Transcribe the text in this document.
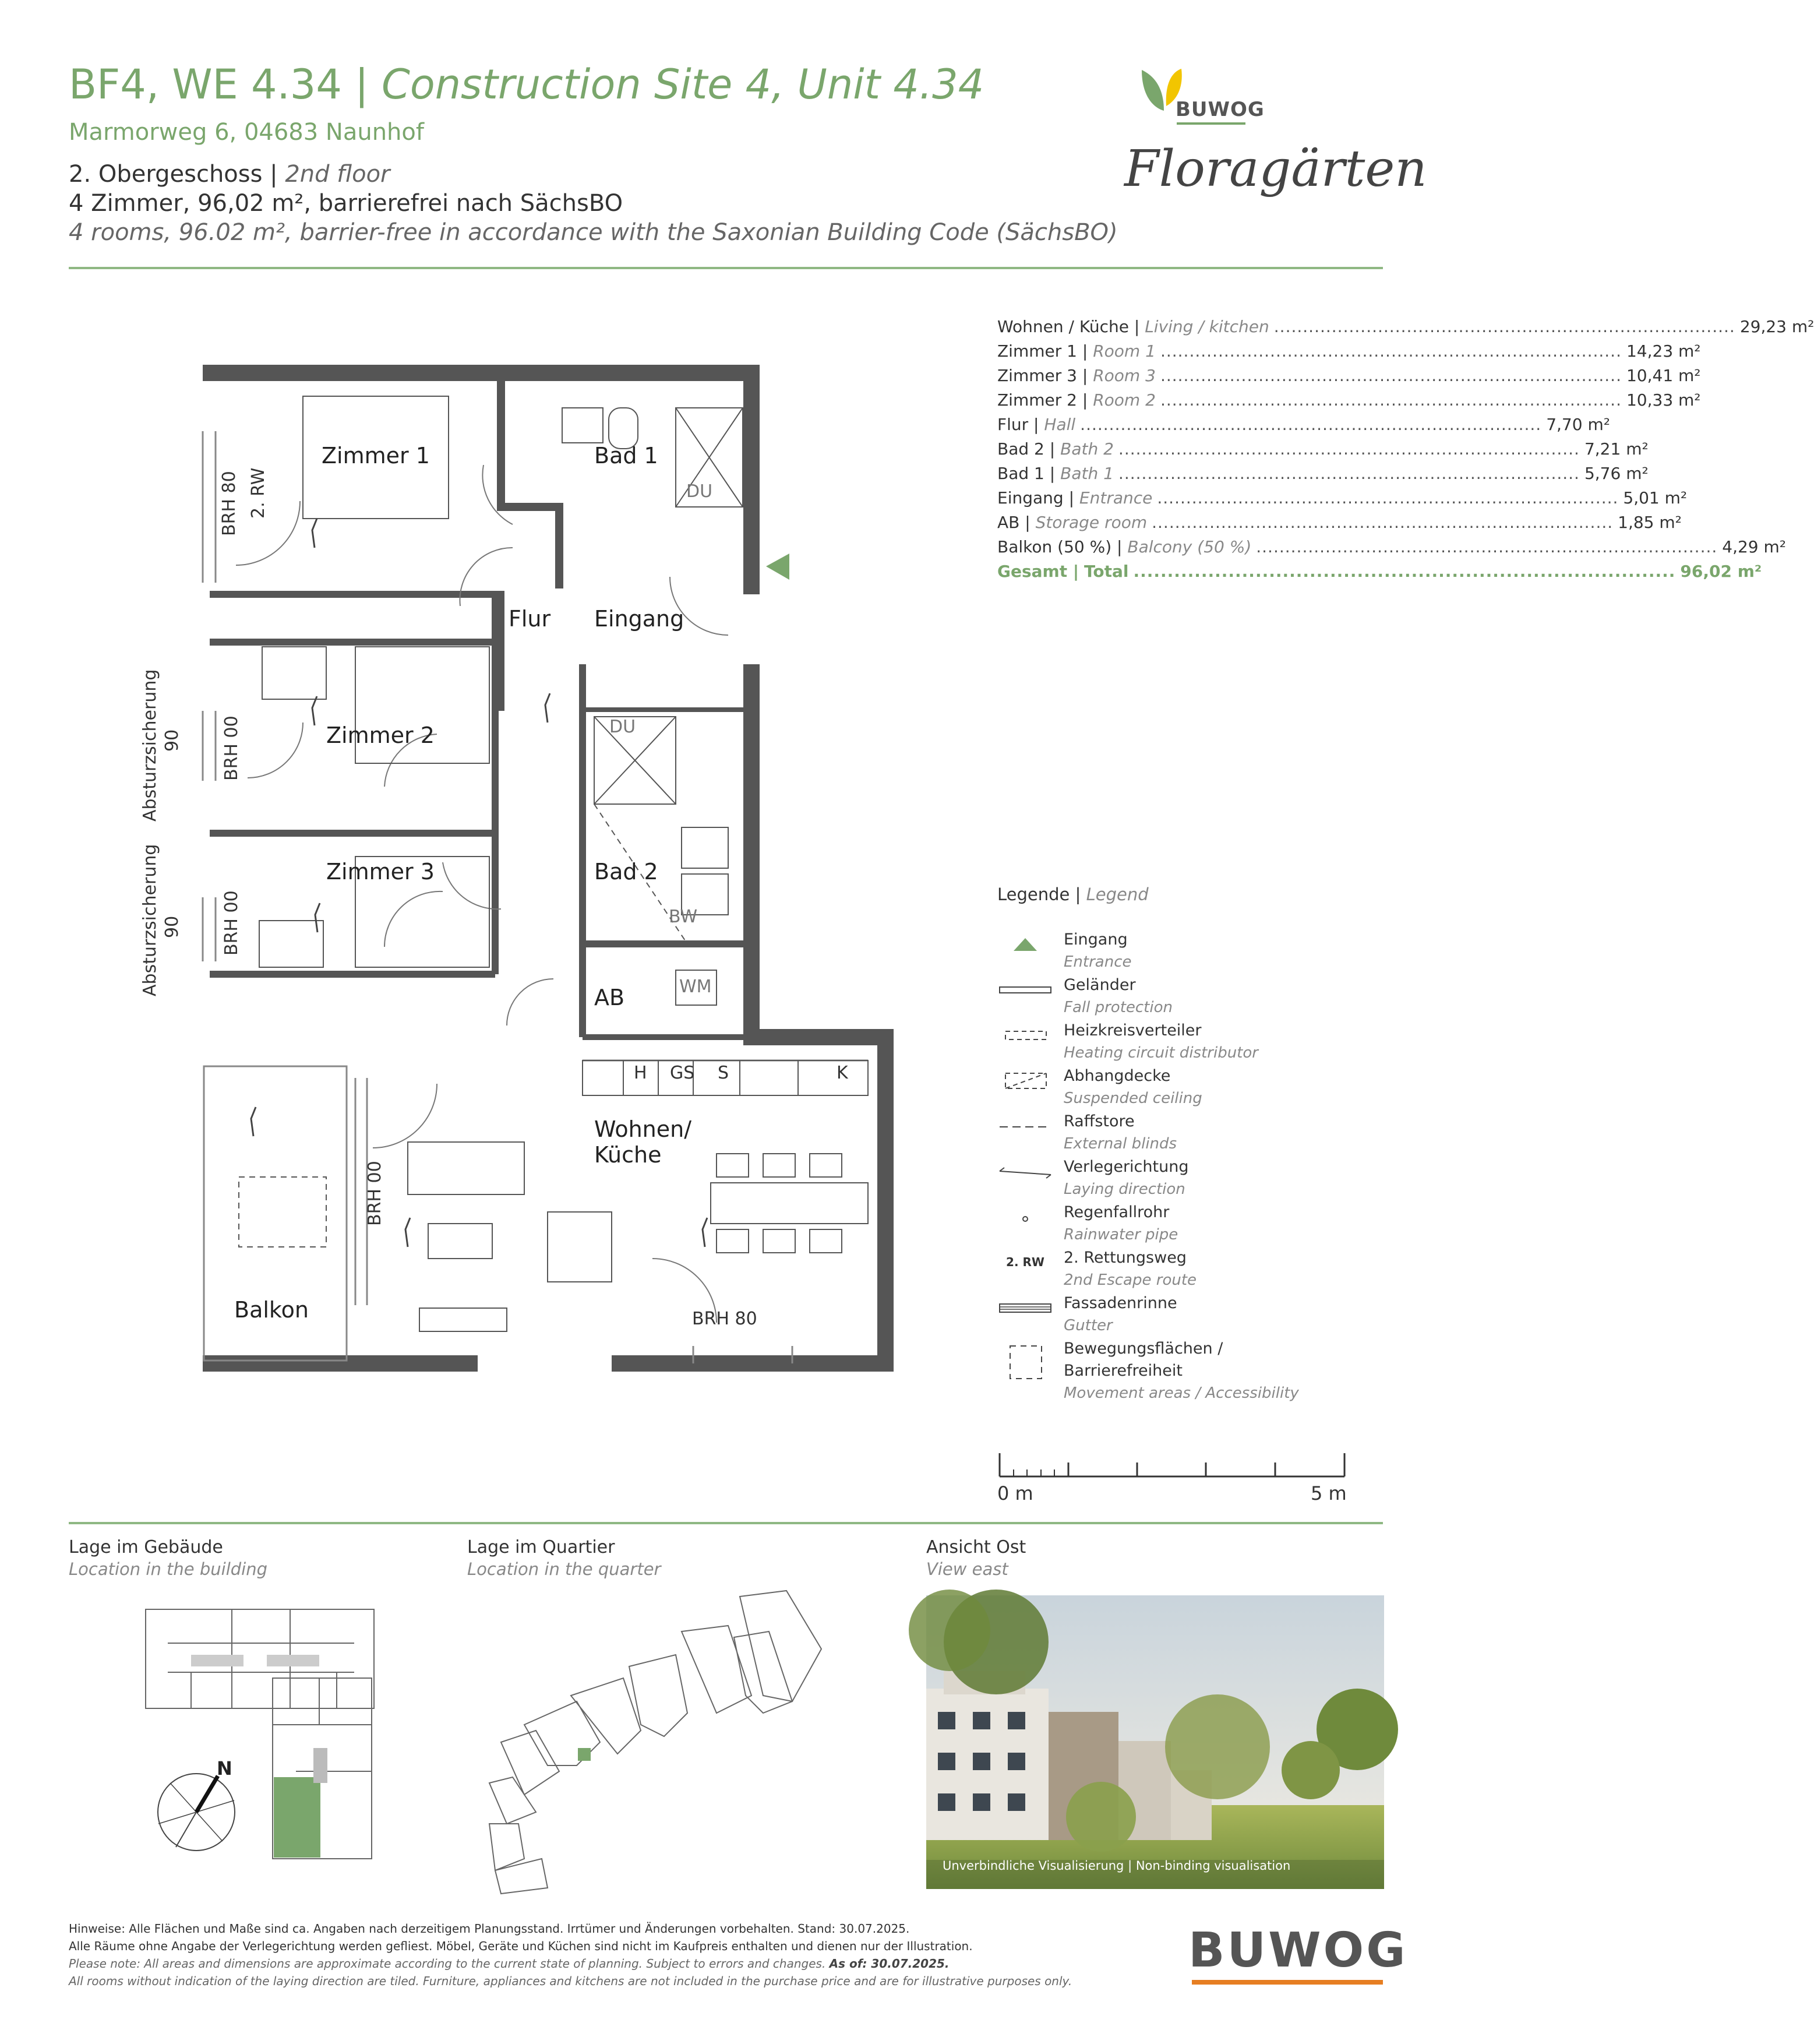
BF4, WE 4.34 | Construction Site 4, Unit 4.34
Marmorweg 6, 04683 Naunhof
2. Obergeschoss | 2nd floor
4 Zimmer, 96,02 m², barrierefrei nach SächsBO
4 rooms, 96.02 m², barrier-free in accordance with the Saxonian Building Code (SächsBO)
BUWOG
Floragärten
Zimmer 1	Bad 1
DU
Flur Eingang
Zimmer 2	DU
Zimmer 3	Bad 2
BW
AB	WM
Wohnen/
Küche
Balkon
H GS S	K
BRH 80 2. RW
BRH 00
BRH 00
BRH 00
BRH 80
Absturzsicherung 90
Absturzsicherung 90
Wohnen / Küche |
Living / kitchen ................................................................................ 29,23 m²
Zimmer 1 |
Room 1 ................................................................................ 14,23 m²
Zimmer 3 |
Room 3 ................................................................................ 10,41 m²
Zimmer 2 |
Room 2 ................................................................................ 10,33 m²
Flur |
Hall ................................................................................ 7,70 m²
Bad 2 |
Bath 2 ................................................................................ 7,21 m²
Bad 1 |
Bath 1 ................................................................................ 5,76 m²
Eingang |
Entrance ................................................................................ 5,01 m²
AB |
Storage room ................................................................................ 1,85 m²
Balkon (50 %) |
Balcony (50 %) ................................................................................ 4,29 m²
Gesamt |
Total ................................................................................ 96,02 m²
Legende | Legend
Eingang
Entrance
Geländer
Fall protection
Heizkreisverteiler
Heating circuit distributor
Abhangdecke
Suspended ceiling
Raffstore
External blinds
Verlegerichtung
Laying direction
Regenfallrohr
Rainwater pipe
2. RW	2. Rettungsweg
2nd Escape route
Fassadenrinne
Gutter
Bewegungsflächen /
Barrierefreiheit
Movement areas / Accessibility
0 m	5 m
Lage im Gebäude
Location in the building
Lage im Quartier
Location in the quarter
Ansicht Ost
View east
N
Unverbindliche Visualisierung | Non-binding visualisation
Hinweise: Alle Flächen und Maße sind ca. Angaben nach derzeitigem Planungsstand. Irrtümer und Änderungen vorbehalten. Stand: 30.07.2025.
Alle Räume ohne Angabe der Verlegerichtung werden gefliest. Möbel, Geräte und Küchen sind nicht im Kaufpreis enthalten und dienen nur der Illustration.
Please note: All areas and dimensions are approximate according to the current state of planning. Subject to errors and changes. As of: 30.07.2025.
All rooms without indication of the laying direction are tiled. Furniture, appliances and kitchens are not included in the purchase price and are for illustrative purposes only.
BUWOG
